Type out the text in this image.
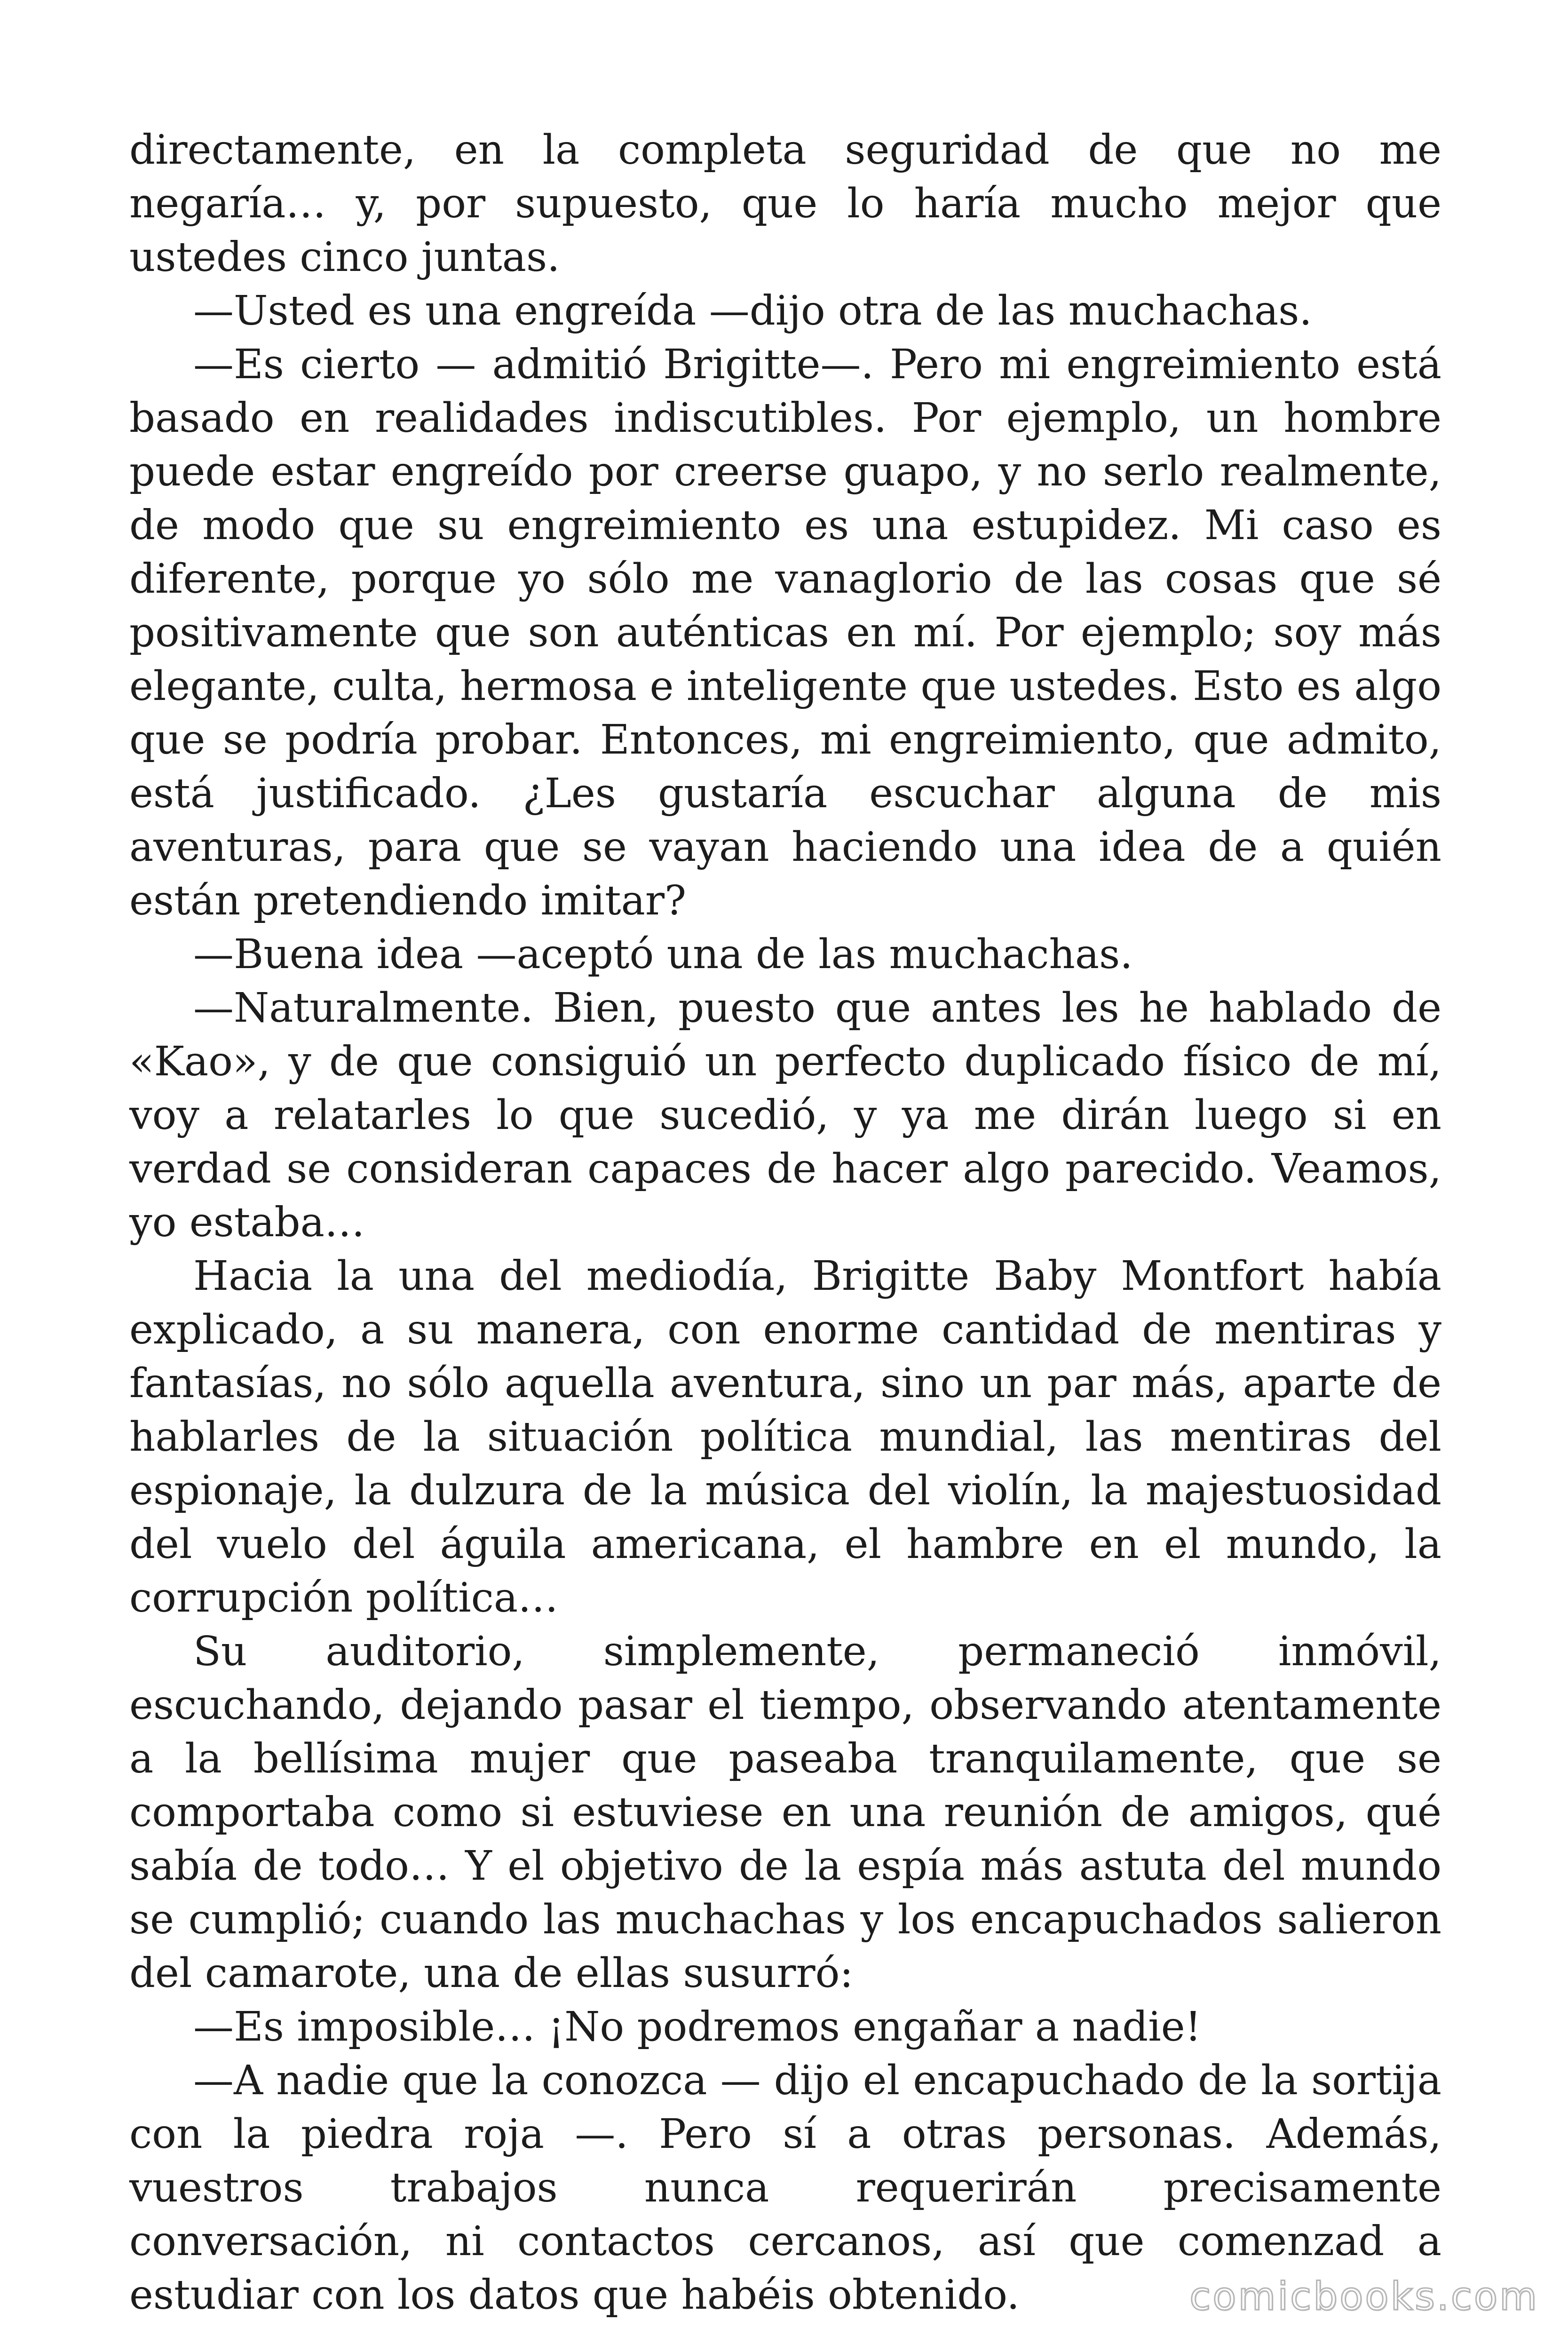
directamente, en la completa seguridad de que no me negaría… y, por supuesto, que lo haría mucho mejor que ustedes cinco juntas.

—Usted es una engreída —dijo otra de las muchachas.

—Es cierto — admitió Brigitte—. Pero mi engreimiento está basado en realidades indiscutibles. Por ejemplo, un hombre puede estar engreído por creerse guapo, y no serlo realmente, de modo que su engreimiento es una estupidez. Mi caso es diferente, porque yo sólo me vanaglorio de las cosas que sé positivamente que son auténticas en mí. Por ejemplo; soy más elegante, culta, hermosa e inteligente que ustedes. Esto es algo que se podría probar. Entonces, mi engreimiento, que admito, está justificado. ¿Les gustaría escuchar alguna de mis aventuras, para que se vayan haciendo una idea de a quién están pretendiendo imitar?

—Buena idea —aceptó una de las muchachas.

—Naturalmente. Bien, puesto que antes les he hablado de «Kao», y de que consiguió un perfecto duplicado físico de mí, voy a relatarles lo que sucedió, y ya me dirán luego si en verdad se consideran capaces de hacer algo parecido. Veamos, yo estaba…

Hacia la una del mediodía, Brigitte Baby Montfort había explicado, a su manera, con enorme cantidad de mentiras y fantasías, no sólo aquella aventura, sino un par más, aparte de hablarles de la situación política mundial, las mentiras del espionaje, la dulzura de la música del violín, la majestuosidad del vuelo del águila americana, el hambre en el mundo, la corrupción política…

Su auditorio, simplemente, permaneció inmóvil, escuchando, dejando pasar el tiempo, observando atentamente a la bellísima mujer que paseaba tranquilamente, que se comportaba como si estuviese en una reunión de amigos, qué sabía de todo… Y el objetivo de la espía más astuta del mundo se cumplió; cuando las muchachas y los encapuchados salieron del camarote, una de ellas susurró:

—Es imposible… ¡No podremos engañar a nadie!

—A nadie que la conozca — dijo el encapuchado de la sortija con la piedra roja —. Pero sí a otras personas. Además, vuestros trabajos nunca requerirán precisamente conversación, ni contactos cercanos, así que comenzad a estudiar con los datos que habéis obtenido.	comicbooks.com
